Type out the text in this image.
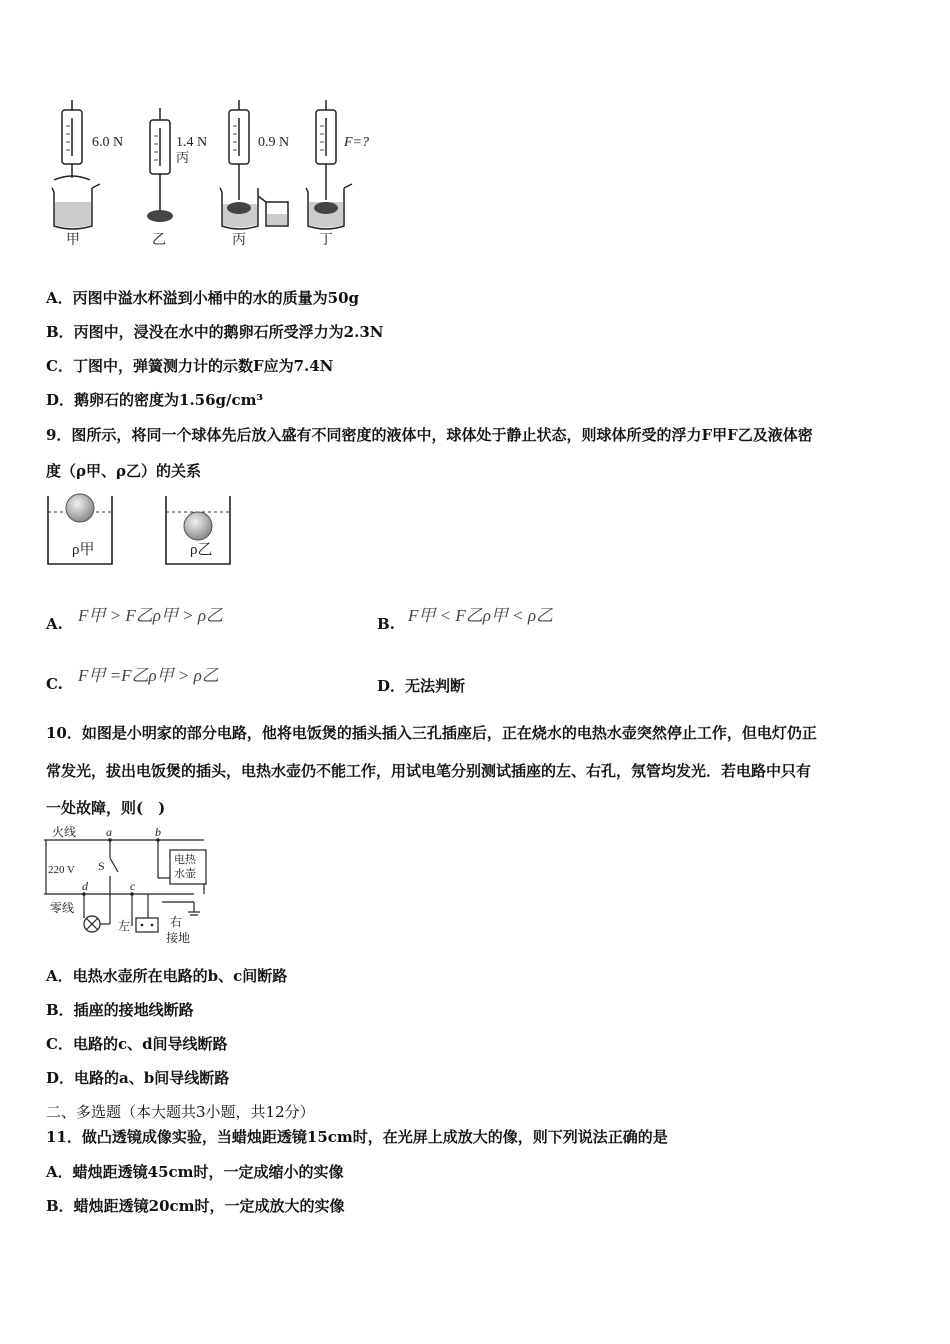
6.0 N	1.4 N
丙
0.9 N	F=?
甲	乙	丙	丁
A．丙图中溢水杯溢到小桶中的水的质量为50g
B．丙图中，浸没在水中的鹅卵石所受浮力为2.3N
C．丁图中，弹簧测力计的示数F应为7.4N
D．鹅卵石的密度为1.56g/cm³
9．图所示，将同一个球体先后放入盛有不同密度的液体中，球体处于静止状态，则球体所受的浮力F甲F乙及液体密
度（ρ甲、ρ乙）的关系
ρ甲	ρ乙
A. F甲 > F乙ρ甲 > ρ乙	B. F甲 < F乙ρ甲 < ρ乙
C. F甲 =F乙ρ甲 > ρ乙
D．无法判断
10．如图是小明家的部分电路，他将电饭煲的插头插入三孔插座后，正在烧水的电热水壶突然停止工作，但电灯仍正
常发光，拔出电饭煲的插头，电热水壶仍不能工作，用试电笔分别测试插座的左、右孔，氖管均发光．若电路中只有
一处故障，则(　)
火线
零线
220 V
a	b
c
d
S	电热
水壶
左	右
接地
A．电热水壶所在电路的b、c间断路
B．插座的接地线断路
C．电路的c、d间导线断路
D．电路的a、b间导线断路
二、多选题（本大题共3小题，共12分）
11．做凸透镜成像实验，当蜡烛距透镜15cm时，在光屏上成放大的像，则下列说法正确的是
A．蜡烛距透镜45cm时，一定成缩小的实像
B．蜡烛距透镜20cm时，一定成放大的实像
